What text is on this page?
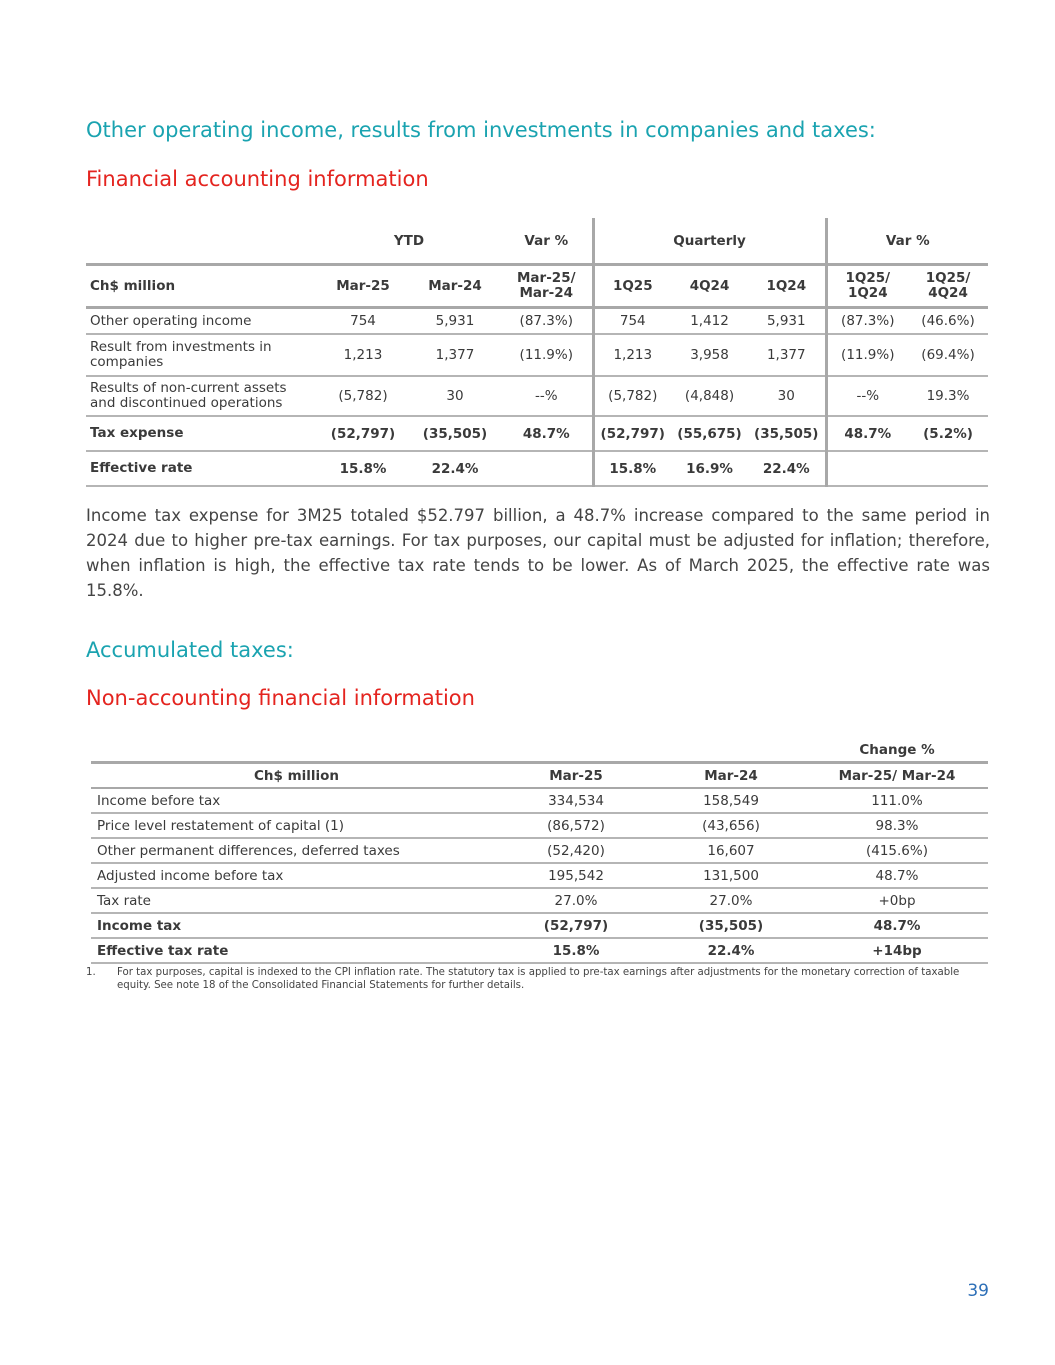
Other operating income, results from investments in companies and taxes:
Financial accounting information
	YTD		Var %	Quarterly			Var %	
Ch$ million	Mar-25	Mar-24	Mar-25/ Mar-24	1Q25	4Q24	1Q24	1Q25/ 1Q24	1Q25/ 4Q24
Other operating income	754	5,931	(87.3%)	754	1,412	5,931	(87.3%)	(46.6%)
Result from investments in companies	1,213	1,377	(11.9%)	1,213	3,958	1,377	(11.9%)	(69.4%)
Results of non-current assets and discontinued operations	(5,782)	30	--%	(5,782)	(4,848)	30	--%	19.3%
Tax expense	(52,797)	(35,505)	48.7%	(52,797)	(55,675)	(35,505)	48.7%	(5.2%)
Effective rate	15.8%	22.4%		15.8%	16.9%	22.4%		

Income tax expense for 3M25 totaled $52.797 billion, a 48.7% increase compared to the same period in 2024 due to higher pre-tax earnings. For tax purposes, our capital must be adjusted for inflation; therefore, when inflation is high, the effective tax rate tends to be lower. As of March 2025, the effective rate was 15.8%.

Accumulated taxes:
Non-accounting financial information
			Change %
Ch$ million	Mar-25	Mar-24	Mar-25/ Mar-24
Income before tax	334,534	158,549	111.0%
Price level restatement of capital (1)	(86,572)	(43,656)	98.3%
Other permanent differences, deferred taxes	(52,420)	16,607	(415.6%)
Adjusted income before tax	195,542	131,500	48.7%
Tax rate	27.0%	27.0%	+0bp
Income tax	(52,797)	(35,505)	48.7%
Effective tax rate	15.8%	22.4%	+14bp
1. For tax purposes, capital is indexed to the CPI inflation rate. The statutory tax is applied to pre-tax earnings after adjustments for the monetary correction of taxable equity. See note 18 of the Consolidated Financial Statements for further details.
39
